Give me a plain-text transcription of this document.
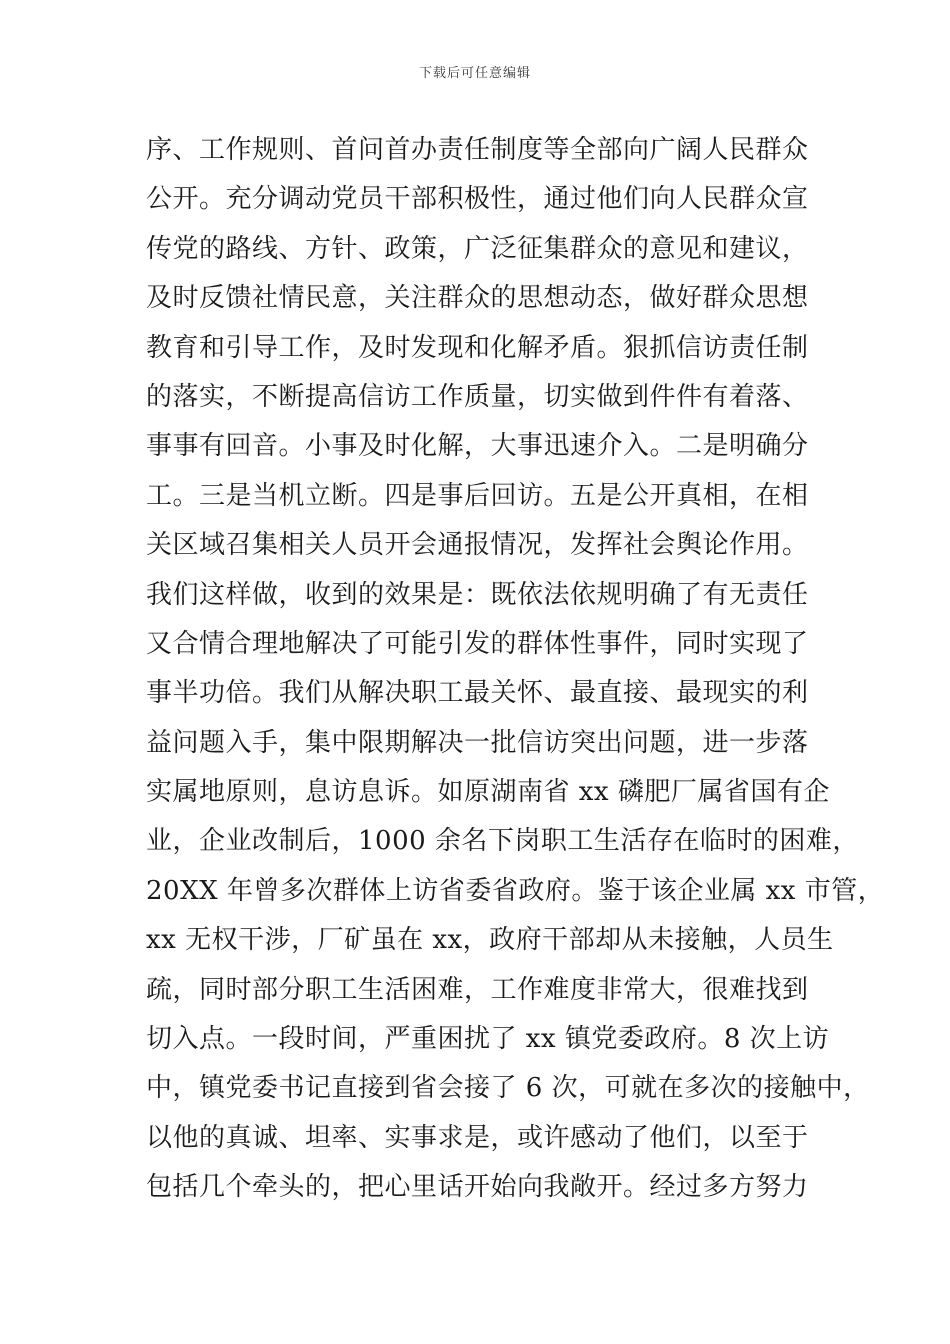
下载后可任意编辑
序、工作规则、首问首办责任制度等全部向广阔人民群众
公开。充分调动党员干部积极性，通过他们向人民群众宣
传党的路线、方针、政策，广泛征集群众的意见和建议，
及时反馈社情民意，关注群众的思想动态，做好群众思想
教育和引导工作，及时发现和化解矛盾。狠抓信访责任制
的落实，不断提高信访工作质量，切实做到件件有着落、
事事有回音。小事及时化解，大事迅速介入。二是明确分
工。三是当机立断。四是事后回访。五是公开真相，在相
关区域召集相关人员开会通报情况，发挥社会舆论作用。
我们这样做，收到的效果是：既依法依规明确了有无责任
又合情合理地解决了可能引发的群体性事件，同时实现了
事半功倍。我们从解决职工最关怀、最直接、最现实的利
益问题入手，集中限期解决一批信访突出问题，进一步落
实属地原则，息访息诉。如原湖南省 xx 磷肥厂属省国有企
业，企业改制后，1000 余名下岗职工生活存在临时的困难，
20XX 年曾多次群体上访省委省政府。鉴于该企业属 xx 市管，
xx 无权干涉，厂矿虽在 xx，政府干部却从未接触，人员生
疏，同时部分职工生活困难，工作难度非常大，很难找到
切入点。一段时间，严重困扰了 xx 镇党委政府。8 次上访
中，镇党委书记直接到省会接了 6 次，可就在多次的接触中，
以他的真诚、坦率、实事求是，或许感动了他们，以至于
包括几个牵头的，把心里话开始向我敞开。经过多方努力
